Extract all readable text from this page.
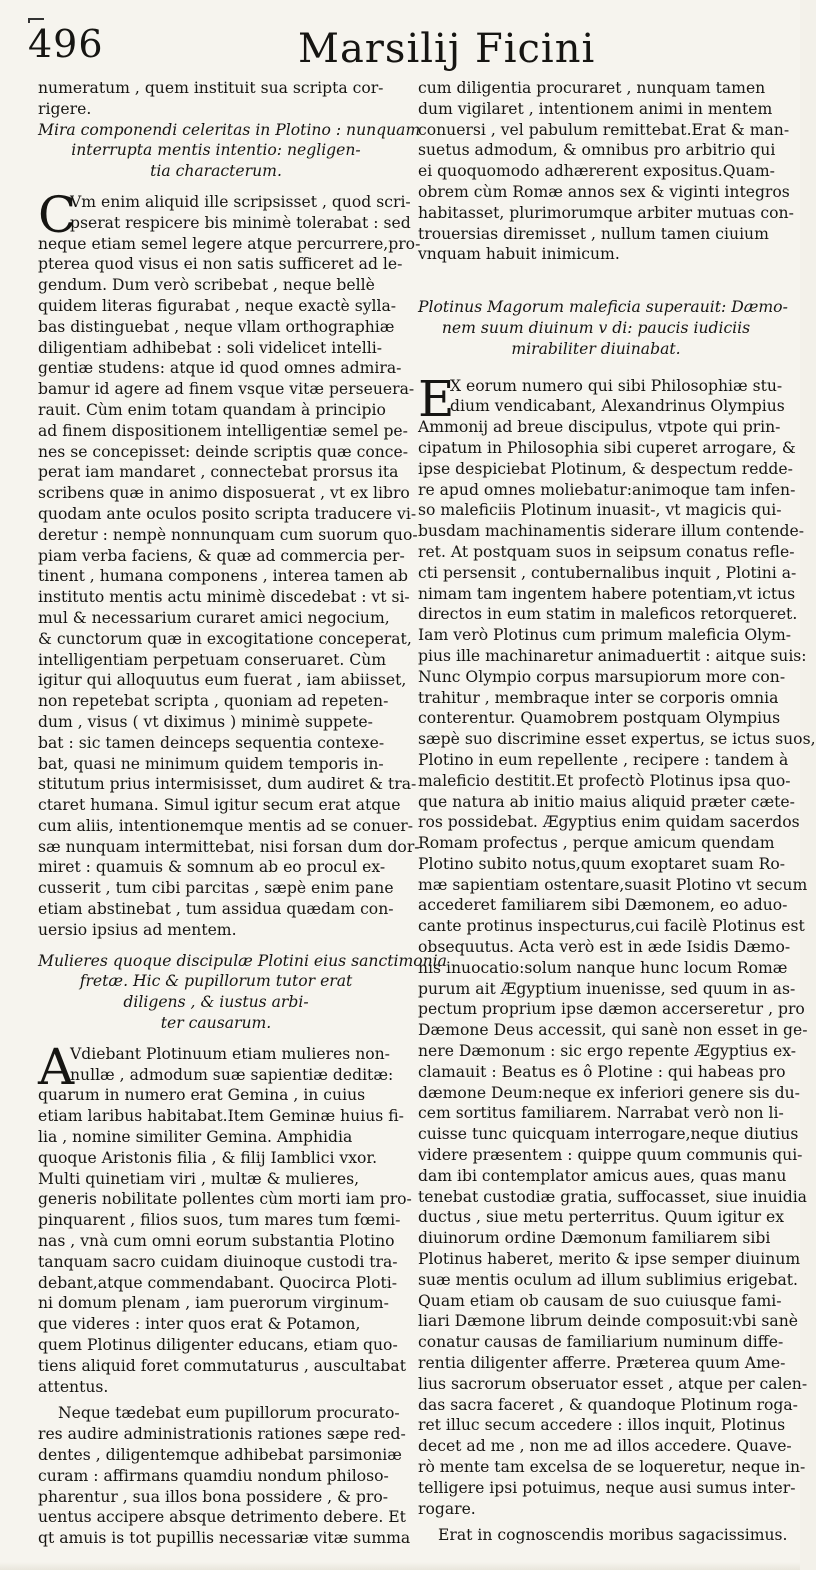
496	Marsilij Ficini
numeratum , quem instituit sua scripta cor-
rigere.
Mira componendi celeritas in Plotino : nunquam
interrupta mentis intentio: negligen-
tia characterum.
C
Vm enim aliquid ille scripsisset , quod scri-
pserat respicere bis minimè tolerabat : sed
neque etiam semel legere atque percurrere,pro-
pterea quod visus ei non satis sufficeret ad le-
gendum. Dum verò scribebat , neque bellè
quidem literas figurabat , neque exactè sylla-
bas distinguebat , neque vllam orthographiæ
diligentiam adhibebat : soli videlicet intelli-
gentiæ studens: atque id quod omnes admira-
bamur id agere ad finem vsque vitæ perseuera-
rauit. Cùm enim totam quandam à principio
ad finem dispositionem intelligentiæ semel pe-
nes se concepisset: deinde scriptis quæ conce-
perat iam mandaret , connectebat prorsus ita
scribens quæ in animo disposuerat , vt ex libro
quodam ante oculos posito scripta traducere vi-
deretur : nempè nonnunquam cum suorum quo-
piam verba faciens, & quæ ad commercia per-
tinent , humana componens , interea tamen ab
instituto mentis actu minimè discedebat : vt si-
mul & necessarium curaret amici negocium,
& cunctorum quæ in excogitatione conceperat,
intelligentiam perpetuam conseruaret. Cùm
igitur qui alloquutus eum fuerat , iam abiisset,
non repetebat scripta , quoniam ad repeten-
dum , visus ( vt diximus ) minimè suppete-
bat : sic tamen deinceps sequentia contexe-
bat, quasi ne minimum quidem temporis in-
stitutum prius intermisisset, dum audiret & tra-
ctaret humana. Simul igitur secum erat atque
cum aliis, intentionemque mentis ad se conuer-
sæ nunquam intermittebat, nisi forsan dum dor-
miret : quamuis & somnum ab eo procul ex-
cusserit , tum cibi parcitas , sæpè enim pane
etiam abstinebat , tum assidua quædam con-
uersio ipsius ad mentem.
Mulieres quoque discipulæ Plotini eius sanctimonia
fretæ. Hic & pupillorum tutor erat
diligens , & iustus arbi-
ter causarum.
A
Vdiebant Plotinuum etiam mulieres non-
nullæ , admodum suæ sapientiæ deditæ:
quarum in numero erat Gemina , in cuius
etiam laribus habitabat.Item Geminæ huius fi-
lia , nomine similiter Gemina. Amphidia
quoque Aristonis filia , & filij Iamblici vxor.
Multi quinetiam viri , multæ & mulieres,
generis nobilitate pollentes cùm morti iam pro-
pinquarent , filios suos, tum mares tum fœmi-
nas , vnà cum omni eorum substantia Plotino
tanquam sacro cuidam diuinoque custodi tra-
debant,atque commendabant. Quocirca Ploti-
ni domum plenam , iam puerorum virginum-
que videres : inter quos erat & Potamon,
quem Plotinus diligenter educans, etiam quo-
tiens aliquid foret commutaturus , auscultabat
attentus.
Neque tædebat eum pupillorum procurato-
res audire administrationis rationes sæpe red-
dentes , diligentemque adhibebat parsimoniæ
curam : affirmans quamdiu nondum philoso-
pharentur , sua illos bona possidere , & pro-
uentus accipere absque detrimento debere. Et
qt amuis is tot pupillis necessariæ vitæ summa
cum diligentia procuraret , nunquam tamen
dum vigilaret , intentionem animi in mentem
conuersi , vel pabulum remittebat.Erat & man-
suetus admodum, & omnibus pro arbitrio qui
ei quoquomodo adhærerent expositus.Quam-
obrem cùm Romæ annos sex & viginti integros
habitasset, plurimorumque arbiter mutuas con-
trouersias diremisset , nullum tamen ciuium
vnquam habuit inimicum.
Plotinus Magorum maleficia superauit: Dæmo-
nem suum diuinum v di: paucis iudiciis
mirabiliter diuinabat.
E
X eorum numero qui sibi Philosophiæ stu-
dium vendicabant, Alexandrinus Olympius
Ammonij ad breue discipulus, vtpote qui prin-
cipatum in Philosophia sibi cuperet arrogare, &
ipse despiciebat Plotinum, & despectum redde-
re apud omnes moliebatur:animoque tam infen-
so maleficiis Plotinum inuasit-, vt magicis qui-
busdam machinamentis siderare illum contende-
ret. At postquam suos in seipsum conatus refle-
cti persensit , contubernalibus inquit , Plotini a-
nimam tam ingentem habere potentiam,vt ictus
directos in eum statim in maleficos retorqueret.
Iam verò Plotinus cum primum maleficia Olym-
pius ille machinaretur animaduertit : aitque suis:
Nunc Olympio corpus marsupiorum more con-
trahitur , membraque inter se corporis omnia
conterentur. Quamobrem postquam Olympius
sæpè suo discrimine esset expertus, se ictus suos,
Plotino in eum repellente , recipere : tandem à
maleficio destitit.Et profectò Plotinus ipsa quo-
que natura ab initio maius aliquid præter cæte-
ros possidebat. Ægyptius enim quidam sacerdos
Romam profectus , perque amicum quendam
Plotino subito notus,quum exoptaret suam Ro-
mæ sapientiam ostentare,suasit Plotino vt secum
accederet familiarem sibi Dæmonem, eo aduo-
cante protinus inspecturus,cui facilè Plotinus est
obsequutus. Acta verò est in æde Isidis Dæmo-
nis inuocatio:solum nanque hunc locum Romæ
purum ait Ægyptium inuenisse, sed quum in as-
pectum proprium ipse dæmon accerseretur , pro
Dæmone Deus accessit, qui sanè non esset in ge-
nere Dæmonum : sic ergo repente Ægyptius ex-
clamauit : Beatus es ô Plotine : qui habeas pro
dæmone Deum:neque ex inferiori genere sis du-
cem sortitus familiarem. Narrabat verò non li-
cuisse tunc quicquam interrogare,neque diutius
videre præsentem : quippe quum communis qui-
dam ibi contemplator amicus aues, quas manu
tenebat custodiæ gratia, suffocasset, siue inuidia
ductus , siue metu perterritus. Quum igitur ex
diuinorum ordine Dæmonum familiarem sibi
Plotinus haberet, merito & ipse semper diuinum
suæ mentis oculum ad illum sublimius erigebat.
Quam etiam ob causam de suo cuiusque fami-
liari Dæmone librum deinde composuit:vbi sanè
conatur causas de familiarium numinum diffe-
rentia diligenter afferre. Præterea quum Ame-
lius sacrorum obseruator esset , atque per calen-
das sacra faceret , & quandoque Plotinum roga-
ret illuc secum accedere : illos inquit, Plotinus
decet ad me , non me ad illos accedere. Quave-
rò mente tam excelsa de se loqueretur, neque in-
telligere ipsi potuimus, neque ausi sumus inter-
rogare.
Erat in cognoscendis moribus sagacissimus.
